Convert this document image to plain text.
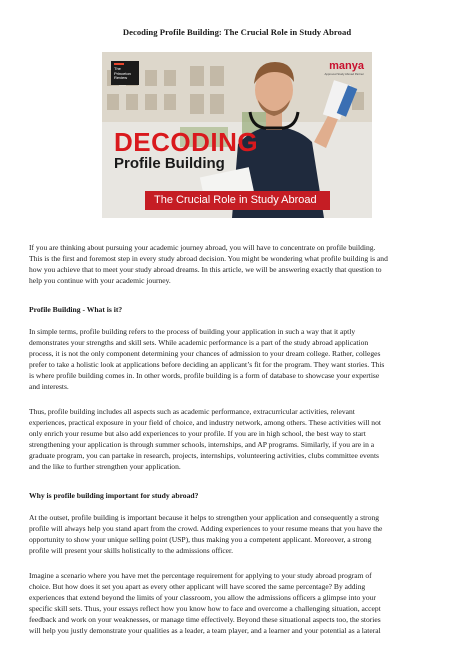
Decoding Profile Building: The Crucial Role in Study Abroad
The
Princeton
Review
manya
Approved Study Abroad Partner
DECODING
Profile Building
The Crucial Role in Study Abroad
If you are thinking about pursuing your academic journey abroad, you will have to concentrate on profile building.
This is the first and foremost step in every study abroad decision. You might be wondering what profile building is and
how you achieve that to meet your study abroad dreams. In this article, we will be answering exactly that question to
help you continue with your academic journey.
Profile Building - What is it?
In simple terms, profile building refers to the process of building your application in such a way that it aptly
demonstrates your strengths and skill sets. While academic performance is a part of the study abroad application
process, it is not the only component determining your chances of admission to your dream college. Rather, colleges
prefer to take a holistic look at applications before deciding an applicant’s fit for the program. They want stories. This
is where profile building comes in. In other words, profile building is a form of database to showcase your expertise
and interests.
Thus, profile building includes all aspects such as academic performance, extracurricular activities, relevant
experiences, practical exposure in your field of choice, and industry network, among others. These activities will not
only enrich your resume but also add experiences to your profile. If you are in high school, the best way to start
strengthening your application is through summer schools, internships, and AP programs. Similarly, if you are in a
graduate program, you can partake in research, projects, internships, volunteering activities, clubs committee events
and the like to further strengthen your application.
Why is profile building important for study abroad?
At the outset, profile building is important because it helps to strengthen your application and consequently a strong
profile will always help you stand apart from the crowd. Adding experiences to your resume means that you have the
opportunity to show your unique selling point (USP), thus making you a competent applicant. Moreover, a strong
profile will present your skills holistically to the admissions officer.
Imagine a scenario where you have met the percentage requirement for applying to your study abroad program of
choice. But how does it set you apart as every other applicant will have scored the same percentage? By adding
experiences that extend beyond the limits of your classroom, you allow the admissions officers a glimpse into your
specific skill sets. Thus, your essays reflect how you know how to face and overcome a challenging situation, accept
feedback and work on your weaknesses, or manage time effectively. Beyond these situational aspects too, the stories
will help you justly demonstrate your qualities as a leader, a team player, and a learner and your potential as a lateral
